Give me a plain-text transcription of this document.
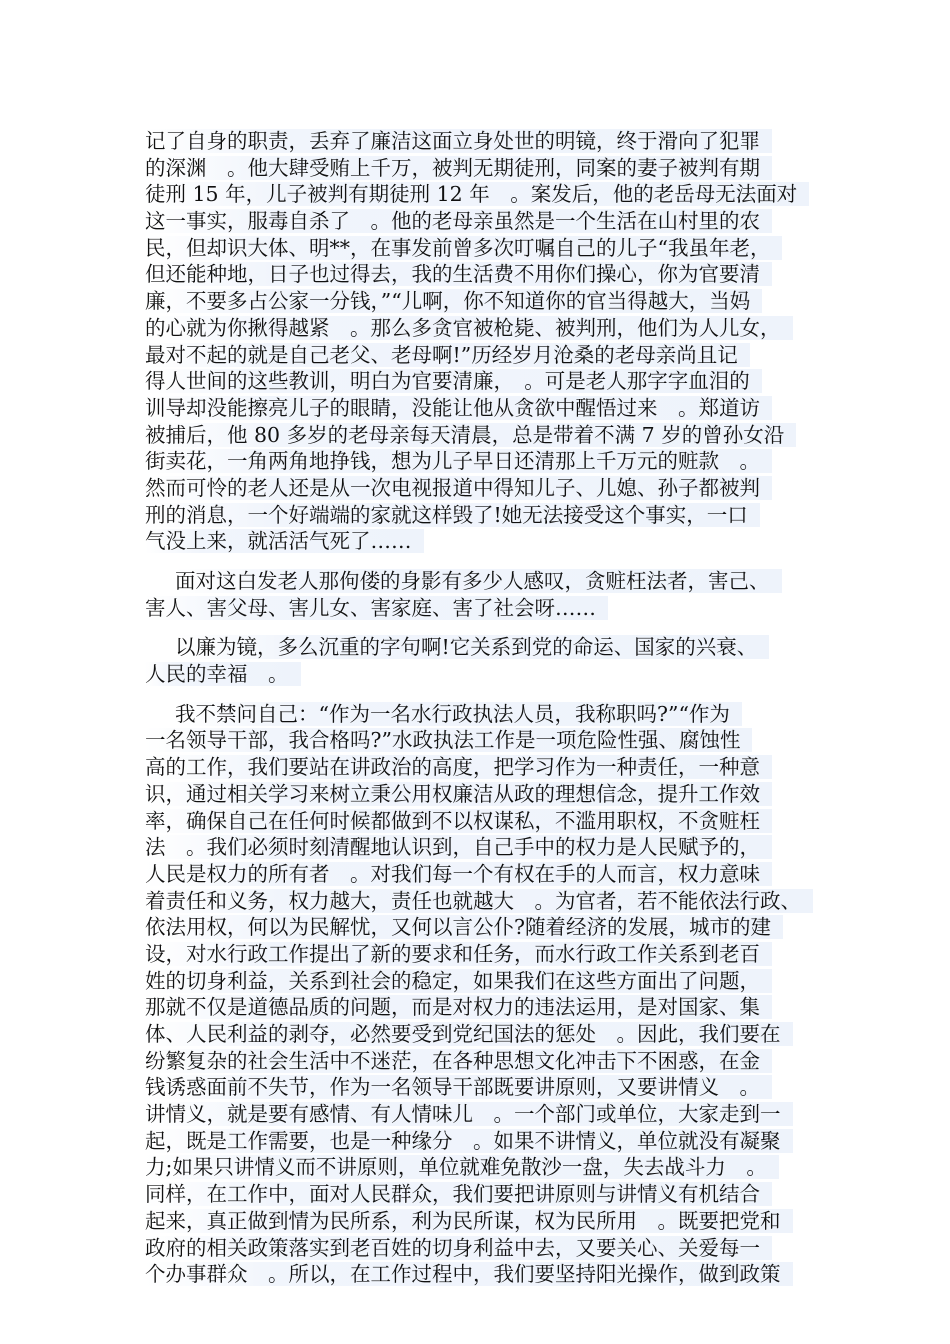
记了自身的职责，丢弃了廉洁这面立身处世的明镜，终于滑向了犯罪
的深渊　。他大肆受贿上千万，被判无期徒刑，同案的妻子被判有期
徒刑 15 年，儿子被判有期徒刑 12 年　。案发后，他的老岳母无法面对
这一事实，服毒自杀了　。他的老母亲虽然是一个生活在山村里的农
民，但却识大体、明**，在事发前曾多次叮嘱自己的儿子“我虽年老，
但还能种地，日子也过得去，我的生活费不用你们操心，你为官要清
廉，不要多占公家一分钱，”“儿啊，你不知道你的官当得越大，当妈
的心就为你揪得越紧　。那么多贪官被枪毙、被判刑，他们为人儿女，
最对不起的就是自己老父、老母啊!”历经岁月沧桑的老母亲尚且记
得人世间的这些教训，明白为官要清廉，　。可是老人那字字血泪的
训导却没能擦亮儿子的眼睛，没能让他从贪欲中醒悟过来　。郑道访
被捕后，他 80 多岁的老母亲每天清晨，总是带着不满 7 岁的曾孙女沿
街卖花，一角两角地挣钱，想为儿子早日还清那上千万元的赃款　。
然而可怜的老人还是从一次电视报道中得知儿子、儿媳、孙子都被判
刑的消息，一个好端端的家就这样毁了!她无法接受这个事实，一口
气没上来，就活活气死了……
面对这白发老人那佝偻的身影有多少人感叹，贪赃枉法者，害己、
害人、害父母、害儿女、害家庭、害了社会呀……
以廉为镜，多么沉重的字句啊!它关系到党的命运、国家的兴衰、
人民的幸福　。
我不禁问自己：“作为一名水行政执法人员，我称职吗?”“作为
一名领导干部，我合格吗?”水政执法工作是一项危险性强、腐蚀性
高的工作，我们要站在讲政治的高度，把学习作为一种责任，一种意
识，通过相关学习来树立秉公用权廉洁从政的理想信念，提升工作效
率，确保自己在任何时候都做到不以权谋私，不滥用职权，不贪赃枉
法　。我们必须时刻清醒地认识到，自己手中的权力是人民赋予的，
人民是权力的所有者　。对我们每一个有权在手的人而言，权力意味
着责任和义务，权力越大，责任也就越大　。为官者，若不能依法行政、
依法用权，何以为民解忧，又何以言公仆?随着经济的发展，城市的建
设，对水行政工作提出了新的要求和任务，而水行政工作关系到老百
姓的切身利益，关系到社会的稳定，如果我们在这些方面出了问题，
那就不仅是道德品质的问题，而是对权力的违法运用，是对国家、集
体、人民利益的剥夺，必然要受到党纪国法的惩处　。因此，我们要在
纷繁复杂的社会生活中不迷茫，在各种思想文化冲击下不困惑，在金
钱诱惑面前不失节，作为一名领导干部既要讲原则，又要讲情义　。
讲情义，就是要有感情、有人情味儿　。一个部门或单位，大家走到一
起，既是工作需要，也是一种缘分　。如果不讲情义，单位就没有凝聚
力;如果只讲情义而不讲原则，单位就难免散沙一盘，失去战斗力　。
同样，在工作中，面对人民群众，我们要把讲原则与讲情义有机结合
起来，真正做到情为民所系，利为民所谋，权为民所用　。既要把党和
政府的相关政策落实到老百姓的切身利益中去，又要关心、关爱每一
个办事群众　。所以，在工作过程中，我们要坚持阳光操作，做到政策
